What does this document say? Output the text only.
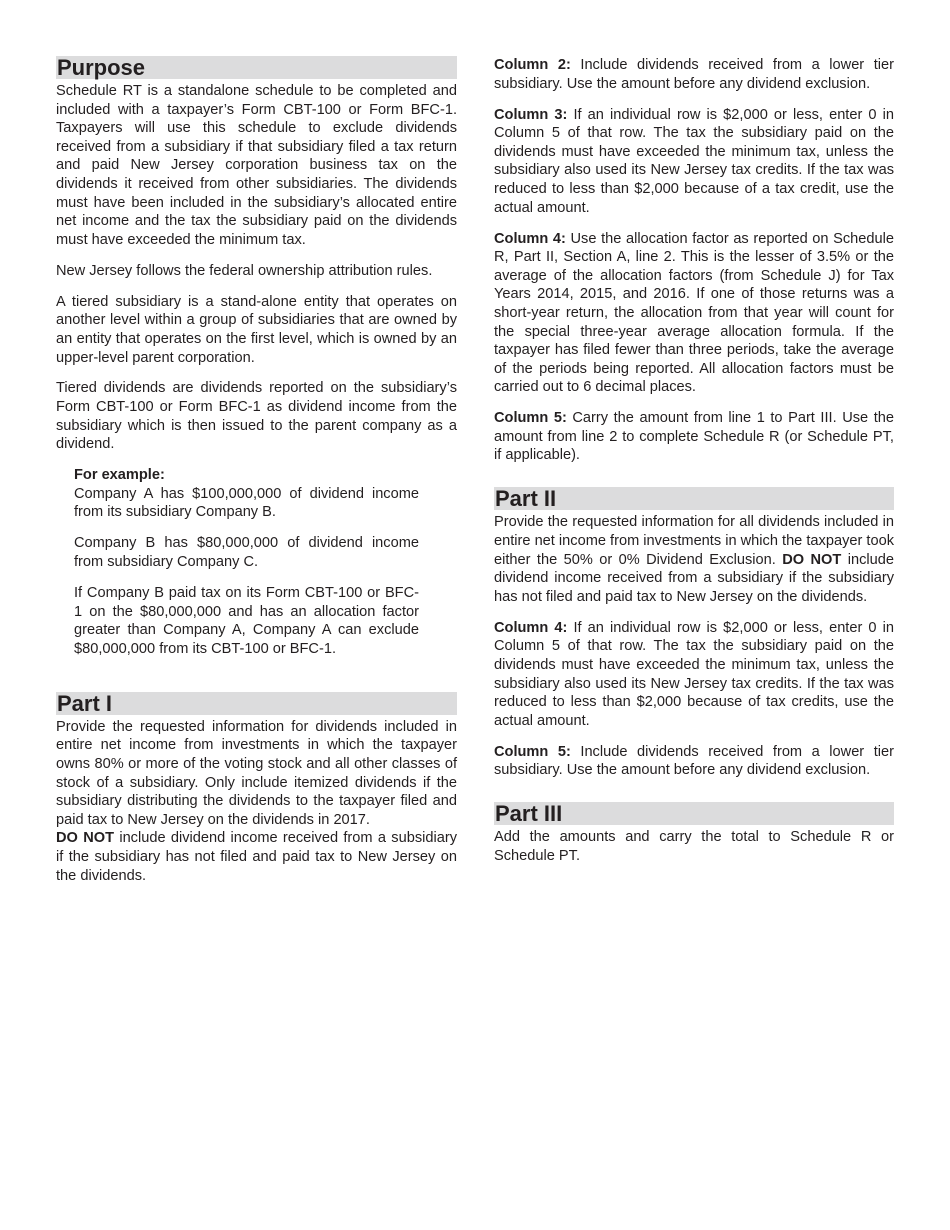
Purpose

Schedule RT is a standalone schedule to be completed and included with a taxpayer’s Form CBT-100 or Form BFC-1. Taxpayers will use this schedule to exclude dividends received from a subsidiary if that subsidiary filed a tax return and paid New Jersey corporation business tax on the dividends it received from other subsidiaries. The dividends must have been included in the subsidiary’s allocated entire net income and the tax the subsidiary paid on the dividends must have exceeded the minimum tax.

New Jersey follows the federal ownership attribution rules.

A tiered subsidiary is a stand-alone entity that operates on another level within a group of subsidiaries that are owned by an entity that operates on the first level, which is owned by an upper-level parent corporation.

Tiered dividends are dividends reported on the subsidiary’s Form CBT-100 or Form BFC-1 as dividend income from the subsidiary which is then issued to the parent company as a dividend.

For example:

Company A has $100,000,000 of dividend income from its subsidiary Company B.

Company B has $80,000,000 of dividend income from subsidiary Company C.

If Company B paid tax on its Form CBT-100 or BFC-1 on the $80,000,000 and has an allocation factor greater than Company A, Company A can exclude $80,000,000 from its CBT-100 or BFC-1.

Part I

Provide the requested information for dividends included in entire net income from investments in which the taxpayer owns 80% or more of the voting stock and all other classes of stock of a subsidiary. Only include itemized dividends if the subsidiary distributing the dividends to the taxpayer filed and paid tax to New Jersey on the dividends in 2017.
DO NOT include dividend income received from a subsidiary if the subsidiary has not filed and paid tax to New Jersey on the dividends.

Column 2: Include dividends received from a lower tier subsidiary. Use the amount before any dividend exclusion.

Column 3: If an individual row is $2,000 or less, enter 0 in Column 5 of that row. The tax the subsidiary paid on the dividends must have exceeded the minimum tax, unless the subsidiary also used its New Jersey tax credits. If the tax was reduced to less than $2,000 because of a tax credit, use the actual amount.

Column 4: Use the allocation factor as reported on Schedule R, Part II, Section A, line 2. This is the lesser of 3.5% or the average of the allocation factors (from Schedule J) for Tax Years 2014, 2015, and 2016. If one of those returns was a short-year return, the allocation from that year will count for the special three-year average allocation formula. If the taxpayer has filed fewer than three periods, take the average of the periods being reported. All allocation factors must be carried out to 6 decimal places.

Column 5: Carry the amount from line 1 to Part III. Use the amount from line 2 to complete Schedule R (or Schedule PT, if applicable).

Part II

Provide the requested information for all dividends included in entire net income from investments in which the taxpayer took either the 50% or 0% Dividend Exclusion. DO NOT include dividend income received from a subsidiary if the subsidiary has not filed and paid tax to New Jersey on the dividends.

Column 4: If an individual row is $2,000 or less, enter 0 in Column 5 of that row. The tax the subsidiary paid on the dividends must have exceeded the minimum tax, unless the subsidiary also used its New Jersey tax credits. If the tax was reduced to less than $2,000 because of tax credits, use the actual amount.

Column 5: Include dividends received from a lower tier subsidiary. Use the amount before any dividend exclusion.

Part III

Add the amounts and carry the total to Schedule R or Schedule PT.
